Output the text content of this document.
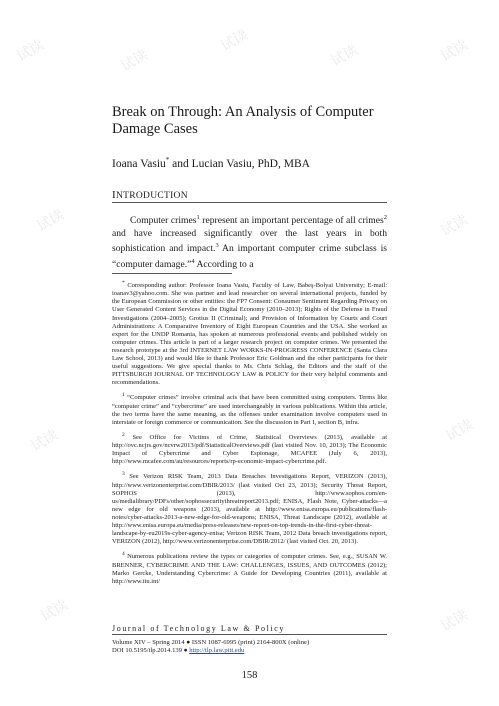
试读	试读
试读
试读	试读
试读	试读
试读	试读
试读	试读
Break on Through: An Analysis of Computer Damage Cases
Ioana Vasiu* and Lucian Vasiu, PhD, MBA
INTRODUCTION

Computer crimes$^1$ represent an important percentage of all crimes$^2$ and have increased significantly over the last years in both sophistication and impact.$^3$ An important computer crime subclass is “computer damage.”$^4$ According to a

* Corresponding author: Professor Ioana Vasiu, Faculty of Law, Babeş-Bolyai University; E-mail: ioanav3@yahoo.com. She was partner and lead researcher on several international projects, funded by the European Commission or other entities: the FP7 Consent: Consumer Sentiment Regarding Privacy on User Generated Content Services in the Digital Economy (2010–2013); Rights of the Defense in Fraud Investigations (2004–2005); Grotius II (Criminal); and Provision of Information by Courts and Court Administrations: A Comparative Inventory of Eight European Countries and the USA. She worked as expert for the UNDP Romania, has spoken at numerous professional events and published widely on computer crimes. This article is part of a larger research project on computer crimes. We presented the research prototype at the 3rd INTERNET LAW WORKS-IN-PROGRESS CONFERENCE (Santa Clara Law School, 2013) and would like to thank Professor Eric Goldman and the other participants for their useful suggestions. We give special thanks to Ms. Chris Schlag, the Editors and the staff of the PITTSBURGH JOURNAL OF TECHNOLOGY LAW & POLICY for their very helpful comments and recommendations.

$^1$ “Computer crimes” involve criminal acts that have been committed using computers. Terms like “computer crime” and “cybercrime” are used interchangeably in various publications. Within this article, the two terms have the same meaning, as the offenses under examination involve computers used in interstate or foreign commerce or communication. See the discussion in Part I, section B, infra.

$^2$ See Office for Victims of Crime, Statistical Overviews (2013), available at http://ovc.ncjrs.gov/ncvrw2013/pdf/StatisticalOverviews.pdf (last visited Nov. 10, 2013); The Economic Impact of Cybercrime and Cyber Espionage, MCAFEE (July 6, 2013), http://www.mcafee.com/au/resources/reports/rp-economic-impact-cybercrime.pdf.

$^3$ See Verizon RISK Team, 2013 Data Breaches Investigations Report, VERIZON (2013), http://www.verizonenterprise.com/DBIR/2013/ (last visited Oct 23, 2013); Security Threat Report, SOPHOS (2013), http://www.sophos.com/en-us/medialibrary/PDFs/other/sophossecuritythreatreport2013.pdf; ENISA, Flash Note, Cyber-attacks—a new edge for old weapons (2013), available at http://www.enisa.europa.eu/publications/flash-notes/cyber-attacks-2013-a-new-edge-for-old-weapons; ENISA, Threat Landscape (2012), available at http://www.enisa.europa.eu/media/press-releases/new-report-on-top-trends-in-the-first-cyber-threat-landscape-by-eu2019s-cyber-agency-enisa; Verizon RISK Team, 2012 Data breach investigations report, VERIZON (2012), http://www.verizonenterprise.com/DBIR/2012/ (last visited Oct. 20, 2013).

$^4$ Numerous publications review the types or categories of computer crimes. See, e.g., SUSAN W. BRENNER, CYBERCRIME AND THE LAW: CHALLENGES, ISSUES, AND OUTCOMES (2012); Marko Gercke, Understanding Cybercrime: A Guide for Developing Countries (2011), available at http://www.itu.int/

Journal of Technology Law & Policy
Volume XIV – Spring 2014 ● ISSN 1087-6995 (print) 2164-800X (online)
DOI 10.5195/tlp.2014.139 ● http://tlp.law.pitt.edu
158
